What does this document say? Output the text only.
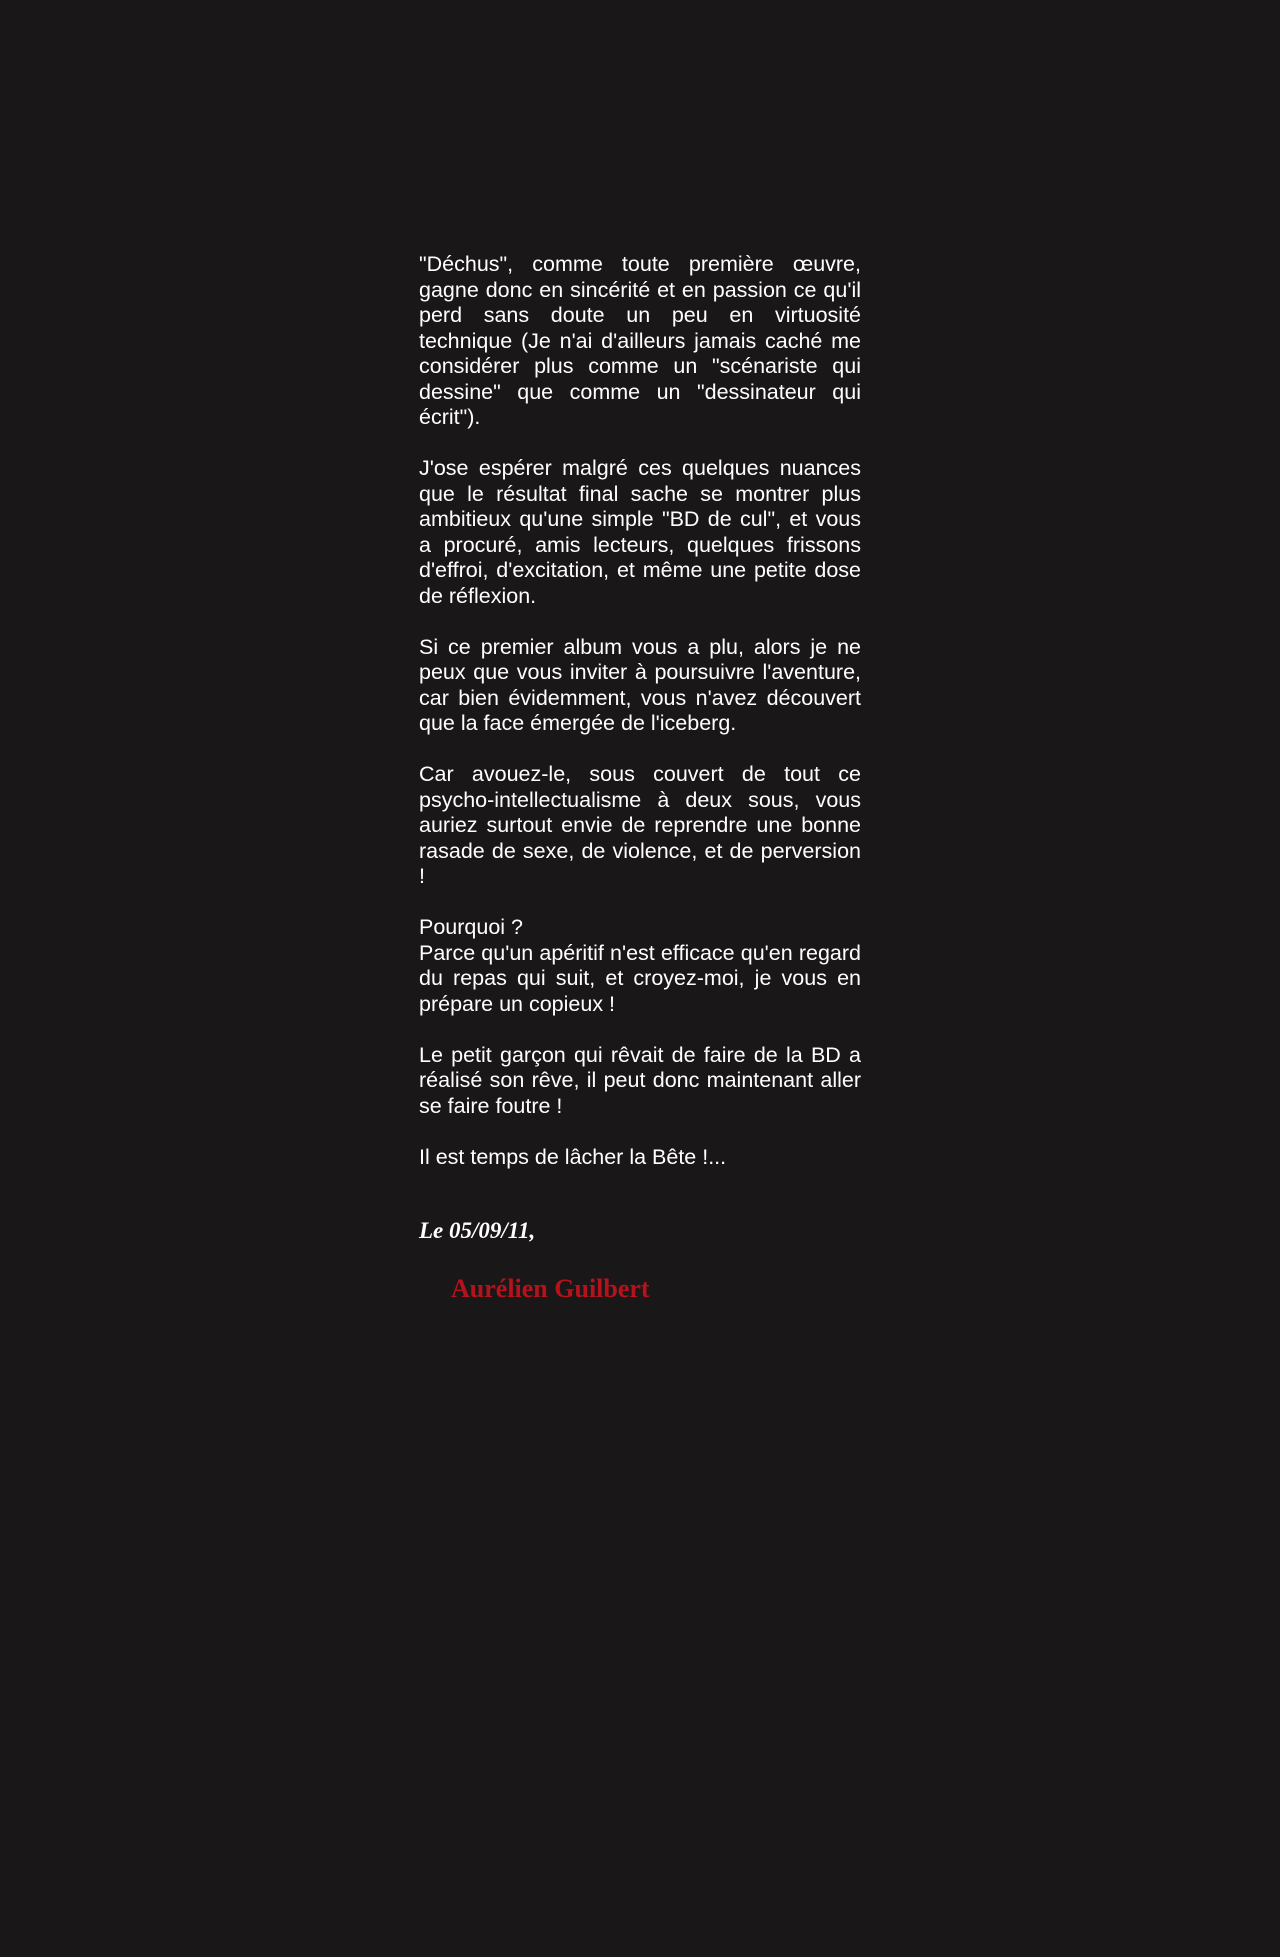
"Déchus", comme toute première œuvre, gagne donc en sincérité et en passion ce qu'il perd sans doute un peu en virtuosité technique (Je n'ai d'ailleurs jamais caché me considérer plus comme un "scénariste qui dessine" que comme un "dessinateur qui écrit").

J'ose espérer malgré ces quelques nuances que le résultat final sache se montrer plus ambitieux qu'une simple "BD de cul", et vous a procuré, amis lecteurs, quelques frissons d'effroi, d'excitation, et même une petite dose de réflexion.

Si ce premier album vous a plu, alors je ne peux que vous inviter à poursuivre l'aventure, car bien évidemment, vous n'avez découvert que la face émergée de l'iceberg.

Car avouez-le, sous couvert de tout ce psycho-intellectualisme à deux sous, vous auriez surtout envie de reprendre une bonne rasade de sexe, de violence, et de perversion !

Pourquoi ?

Parce qu'un apéritif n'est efficace qu'en regard du repas qui suit, et croyez-moi, je vous en prépare un copieux !

Le petit garçon qui rêvait de faire de la BD a réalisé son rêve, il peut donc maintenant aller se faire foutre !

Il est temps de lâcher la Bête !...

Le 05/09/11,
Aurélien Guilbert
